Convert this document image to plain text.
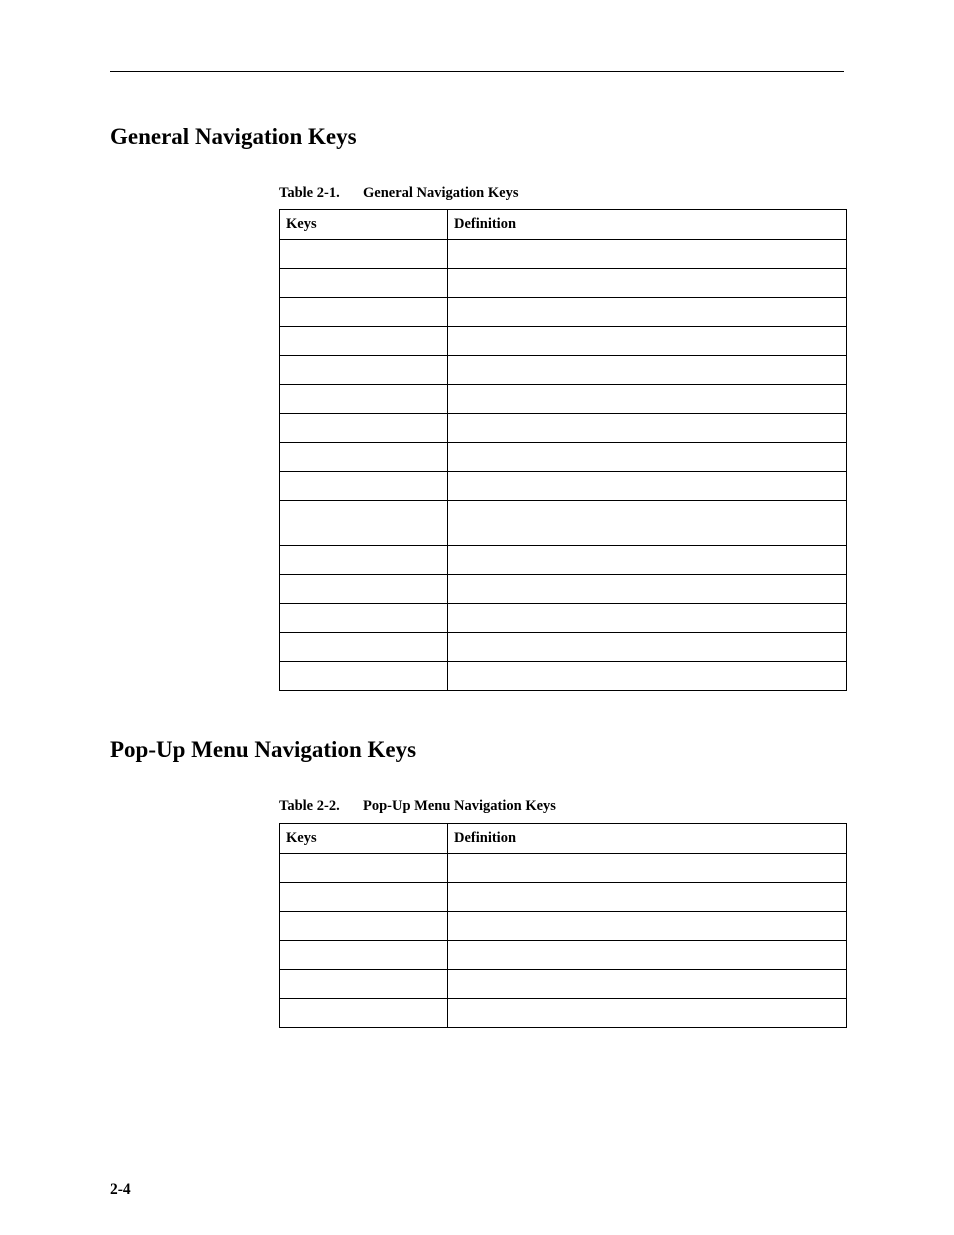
General Navigation Keys
Table 2-1. General Navigation Keys
Keys	Definition

Pop-Up Menu Navigation Keys
Table 2-2. Pop-Up Menu Navigation Keys
Keys	Definition

2-4
